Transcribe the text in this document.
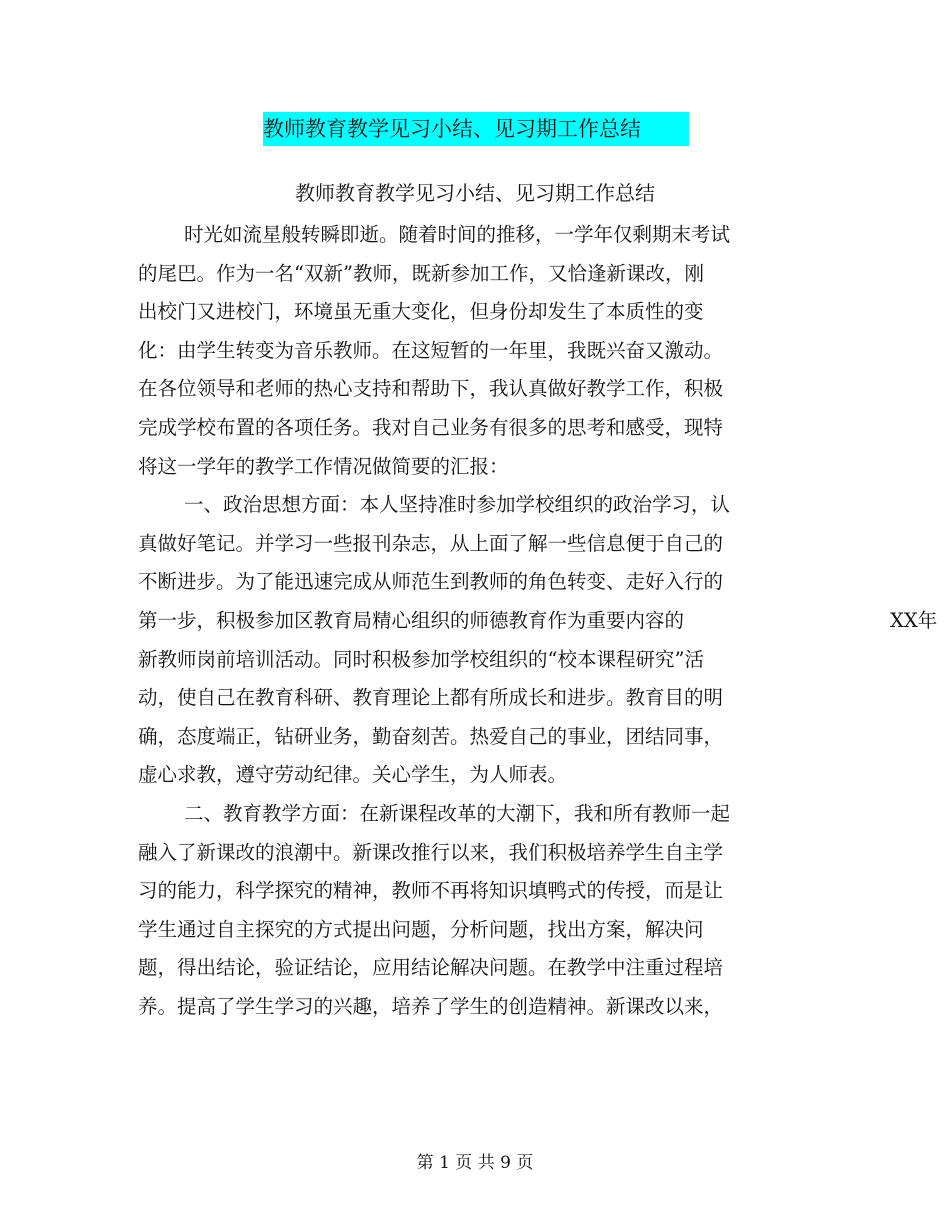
教师教育教学见习小结、见习期工作总结
教师教育教学见习小结、见习期工作总结
时光如流星般转瞬即逝。随着时间的推移，一学年仅剩期末考试
的尾巴。作为一名“双新”教师，既新参加工作，又恰逢新课改，刚
出校门又进校门，环境虽无重大变化，但身份却发生了本质性的变
化：由学生转变为音乐教师。在这短暂的一年里，我既兴奋又激动。
在各位领导和老师的热心支持和帮助下，我认真做好教学工作，积极
完成学校布置的各项任务。我对自己业务有很多的思考和感受，现特
将这一学年的教学工作情况做简要的汇报：
一、政治思想方面：本人坚持准时参加学校组织的政治学习，认
真做好笔记。并学习一些报刊杂志，从上面了解一些信息便于自己的
不断进步。为了能迅速完成从师范生到教师的角色转变、走好入行的
第一步，积极参加区教育局精心组织的师德教育作为重要内容的	XX年
新教师岗前培训活动。同时积极参加学校组织的“校本课程研究”活
动，使自己在教育科研、教育理论上都有所成长和进步。教育目的明
确，态度端正，钻研业务，勤奋刻苦。热爱自己的事业，团结同事，
虚心求教，遵守劳动纪律。关心学生，为人师表。
二、教育教学方面：在新课程改革的大潮下，我和所有教师一起
融入了新课改的浪潮中。新课改推行以来，我们积极培养学生自主学
习的能力，科学探究的精神，教师不再将知识填鸭式的传授，而是让
学生通过自主探究的方式提出问题，分析问题，找出方案，解决问
题，得出结论，验证结论，应用结论解决问题。在教学中注重过程培
养。提高了学生学习的兴趣，培养了学生的创造精神。新课改以来，
第 1 页 共 9 页
